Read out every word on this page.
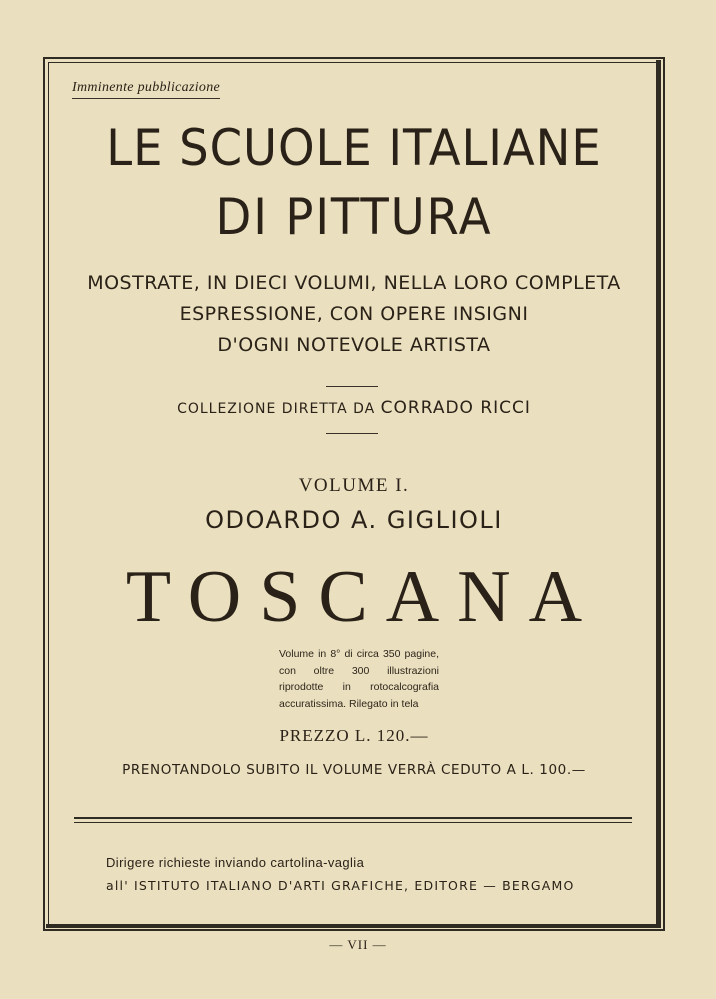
Imminente pubblicazione
LE SCUOLE ITALIANE
DI PITTURA
MOSTRATE, IN DIECI VOLUMI, NELLA LORO COMPLETA
ESPRESSIONE, CON OPERE INSIGNI
D'OGNI NOTEVOLE ARTISTA
COLLEZIONE DIRETTA DA CORRADO RICCI
VOLUME I.
ODOARDO A. GIGLIOLI
TOSCANA
Volume in 8° di circa 350 pagine, con oltre 300 illustrazioni riprodotte in rotocalcografia accuratissima. Rilegato in tela
PREZZO L. 120.—
PRENOTANDOLO SUBITO IL VOLUME VERRÀ CEDUTO A L. 100.—
Dirigere richieste inviando cartolina-vaglia
all' ISTITUTO ITALIANO D'ARTI GRAFICHE, EDITORE — BERGAMO
— VII —
